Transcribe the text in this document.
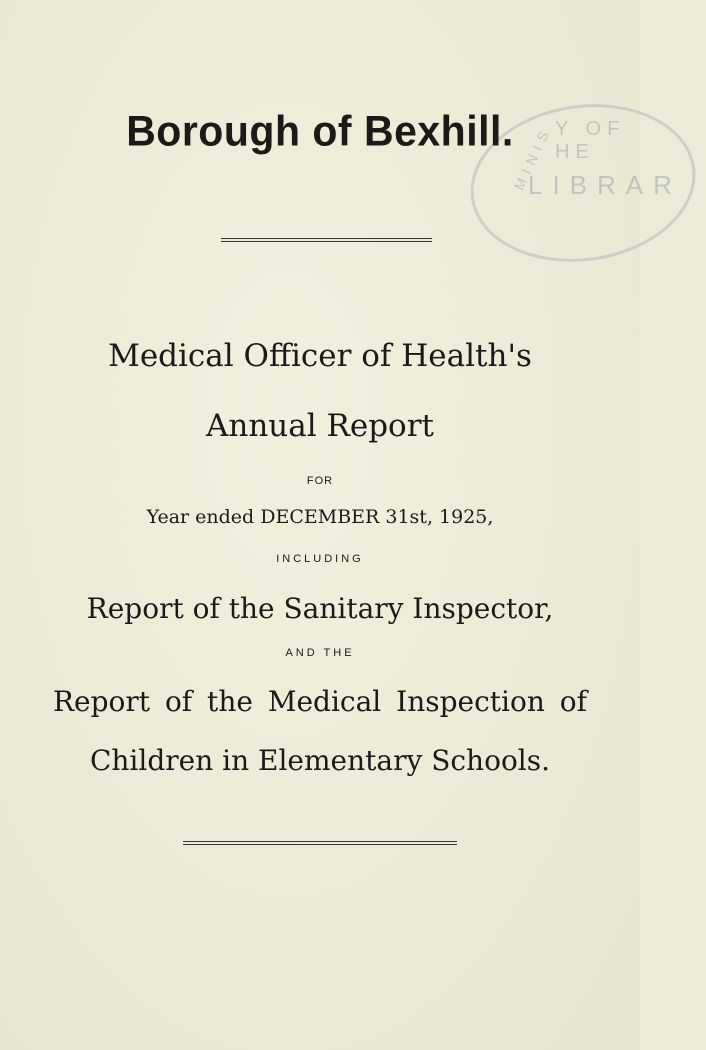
Y OF HE
LIBRAR
MINIS
Borough of Bexhill.
Medical Officer of Health's
Annual Report
FOR
Year ended DECEMBER 31st, 1925,
INCLUDING
Report of the Sanitary Inspector,
AND THE
Report of the Medical Inspection of
Children in Elementary Schools.
